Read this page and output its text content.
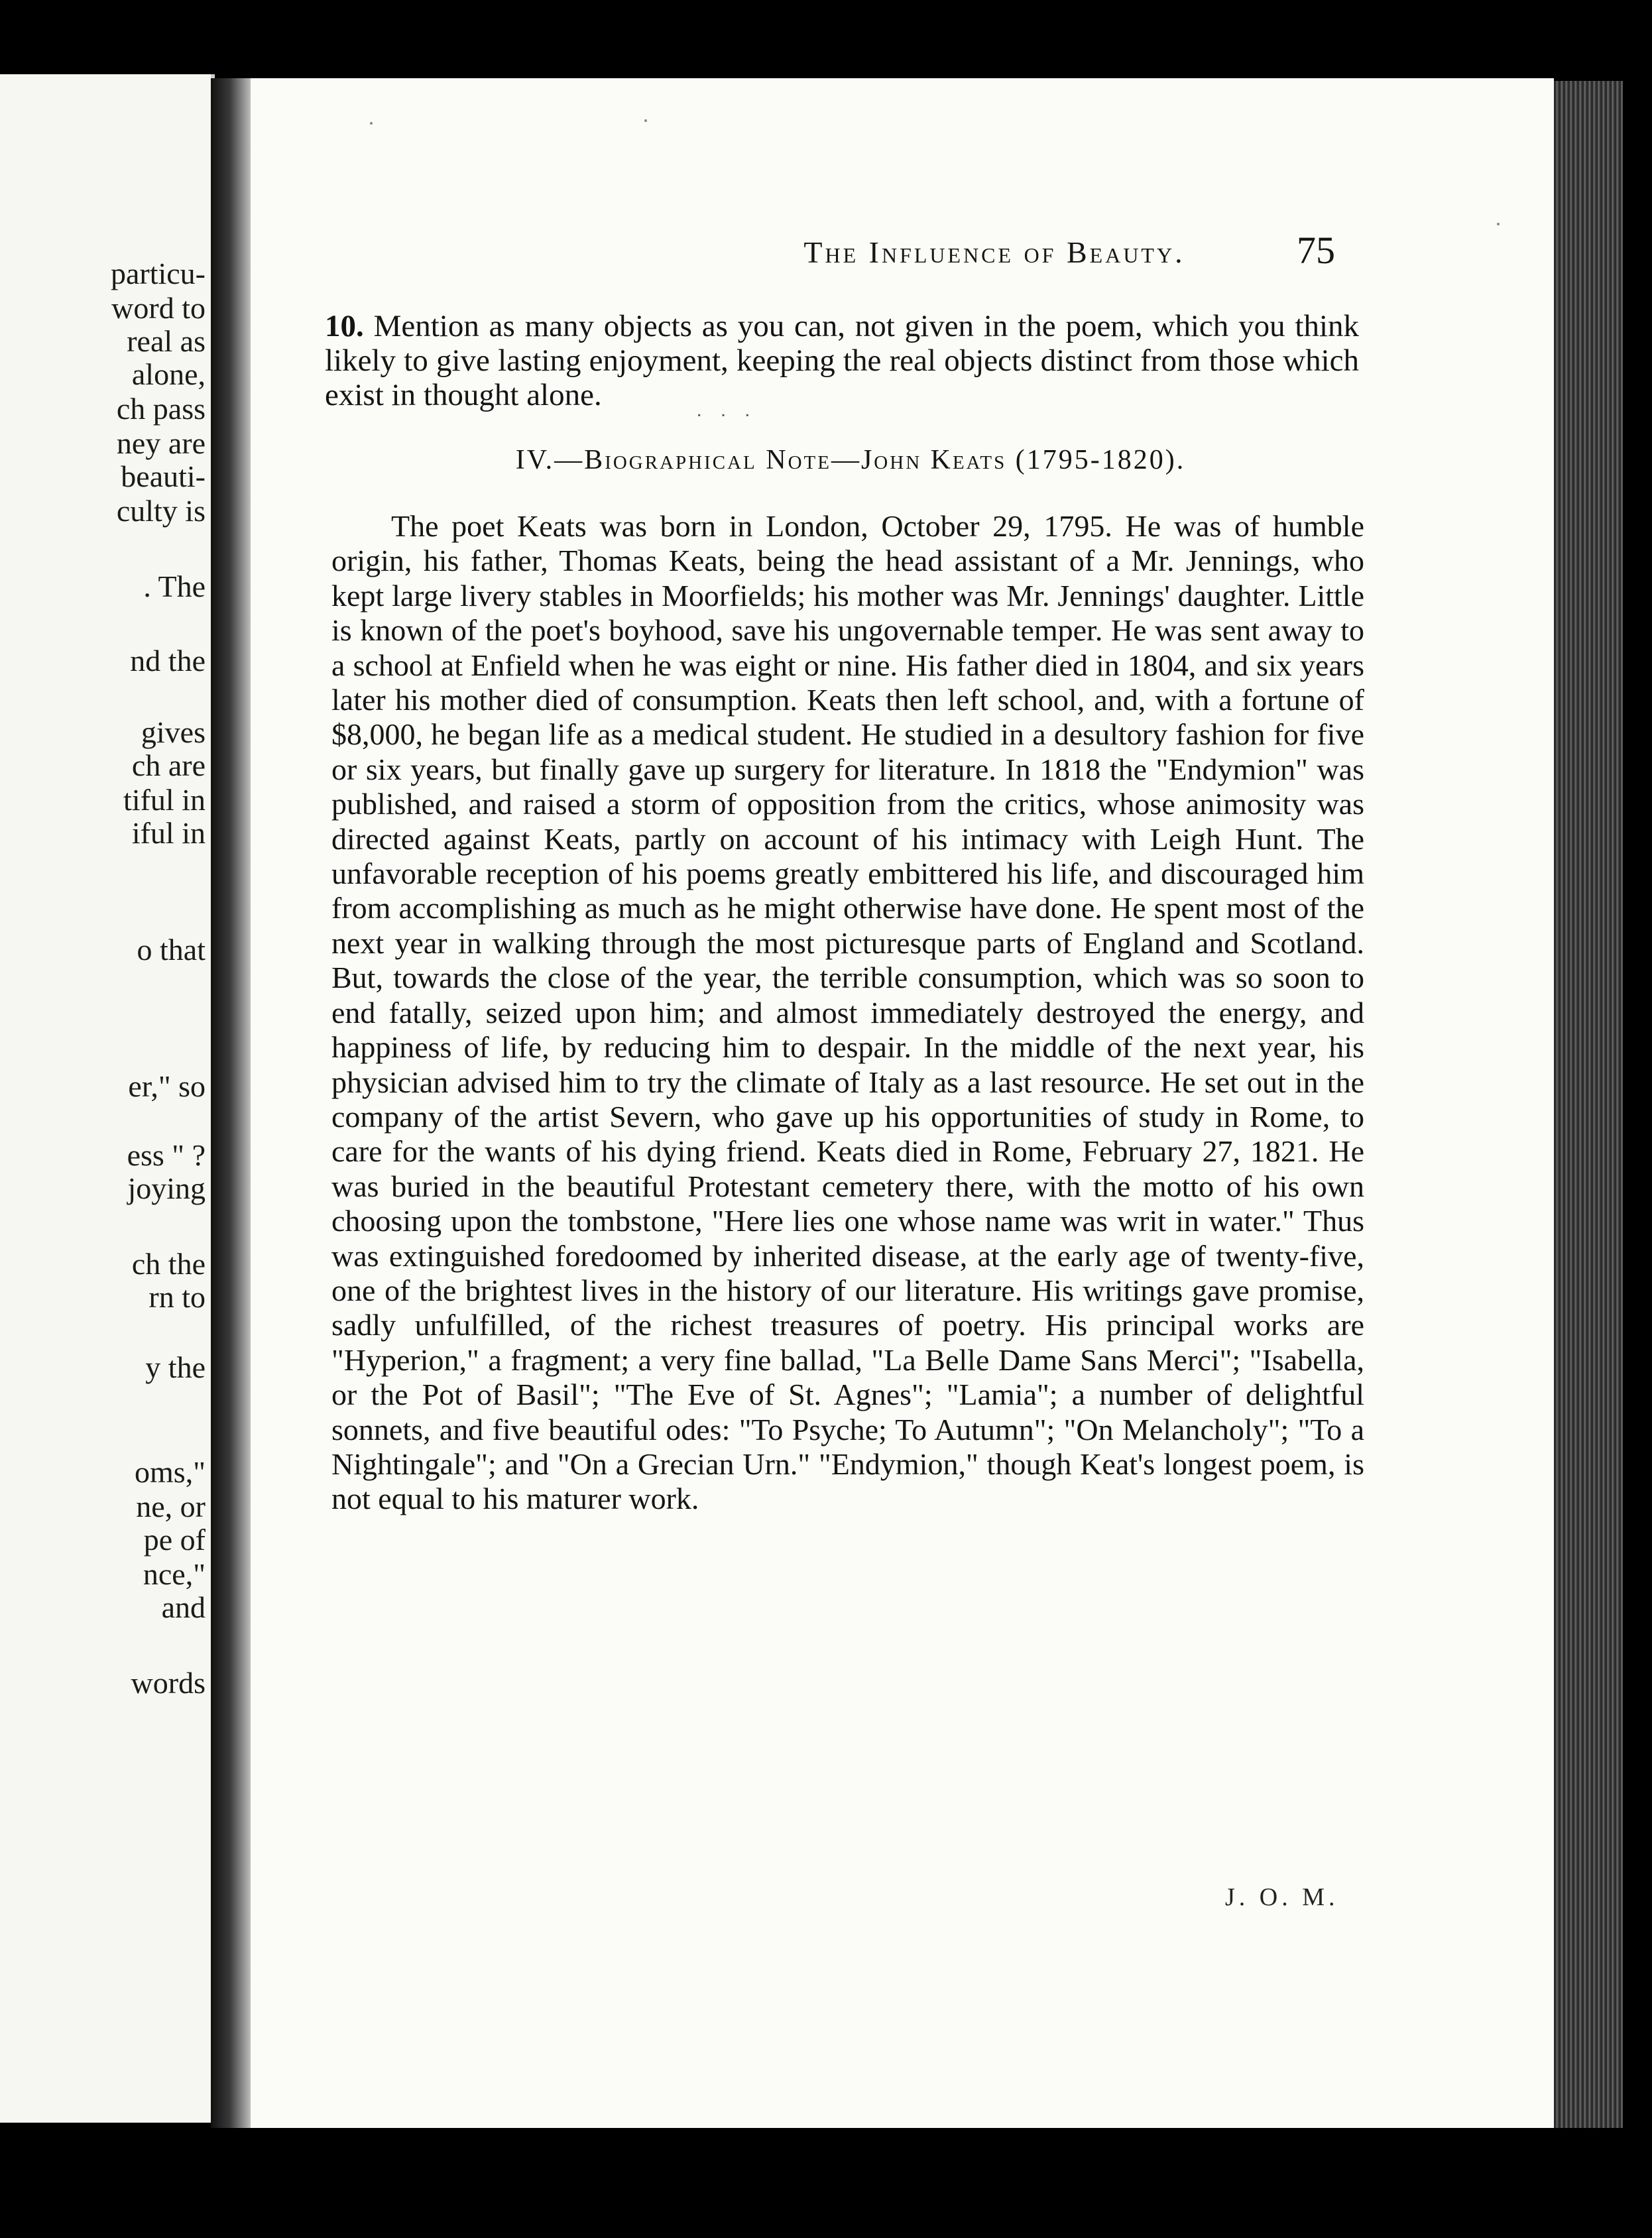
particu-
word to
real as
alone,
ch pass
ney are
beauti-
culty is
. The
nd the
gives
ch are
tiful in
iful in
o that
er," so
ess " ?
joying
ch the
rn to
y the
oms,"
ne, or
pe of
nce,"
and
words
The Influence of Beauty.	75
10. Mention as many objects as you can, not given in the poem, which you think likely to give lasting enjoyment, keeping the real objects distinct from those which exist in thought alone.
· · ·
IV.—Biographical Note—John Keats (1795-1820).

The poet Keats was born in London, October 29, 1795. He was of humble origin, his father, Thomas Keats, being the head assistant of a Mr. Jennings, who kept large livery stables in Moorfields; his mother was Mr. Jennings' daughter. Little is known of the poet's boyhood, save his ungovernable temper. He was sent away to a school at Enfield when he was eight or nine. His father died in 1804, and six years later his mother died of consumption. Keats then left school, and, with a fortune of $8,000, he began life as a medical student. He studied in a desultory fashion for five or six years, but finally gave up surgery for literature. In 1818 the "Endymion" was published, and raised a storm of opposition from the critics, whose animosity was directed against Keats, partly on account of his intimacy with Leigh Hunt. The unfavorable reception of his poems greatly embittered his life, and discouraged him from accomplishing as much as he might otherwise have done. He spent most of the next year in walking through the most picturesque parts of England and Scotland. But, towards the close of the year, the terrible consumption, which was so soon to end fatally, seized upon him; and almost immediately destroyed the energy, and happiness of life, by reducing him to despair. In the middle of the next year, his physician advised him to try the climate of Italy as a last resource. He set out in the company of the artist Severn, who gave up his opportunities of study in Rome, to care for the wants of his dying friend. Keats died in Rome, February 27, 1821. He was buried in the beautiful Protestant cemetery there, with the motto of his own choosing upon the tombstone, "Here lies one whose name was writ in water." Thus was extinguished foredoomed by inherited disease, at the early age of twenty-five, one of the brightest lives in the history of our literature. His writings gave promise, sadly unfulfilled, of the richest treasures of poetry. His principal works are "Hyperion," a fragment; a very fine ballad, "La Belle Dame Sans Merci"; "Isabella, or the Pot of Basil"; "The Eve of St. Agnes"; "Lamia"; a number of delightful sonnets, and five beautiful odes: "To Psyche; To Autumn"; "On Melancholy"; "To a Nightingale"; and "On a Grecian Urn." "Endymion," though Keat's longest poem, is not equal to his maturer work.

J. O. M.
